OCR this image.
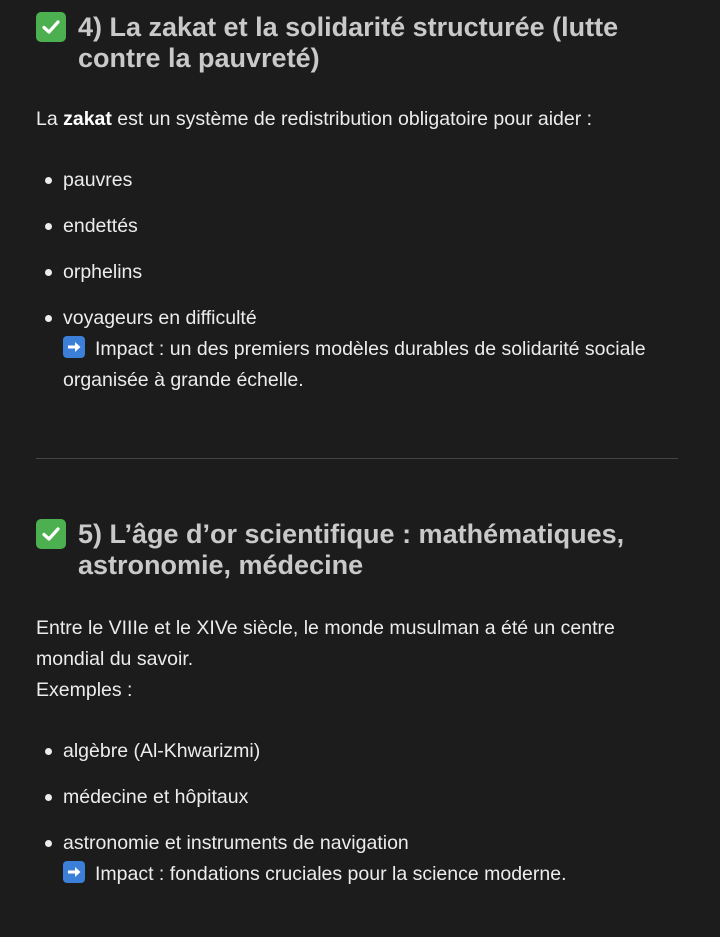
4) La zakat et la solidarité structurée (lutte contre la pauvreté)

La zakat est un système de redistribution obligatoire pour aider :

pauvres
endettés
orphelins
voyageurs en difficulté
Impact : un des premiers modèles durables de solidarité sociale organisée à grande échelle.
5) L’âge d’or scientifique : mathématiques, astronomie, médecine

Entre le VIIIe et le XIVe siècle, le monde musulman a été un centre mondial du savoir.
Exemples :

algèbre (Al-Khwarizmi)
médecine et hôpitaux
astronomie et instruments de navigation
Impact : fondations cruciales pour la science moderne.
